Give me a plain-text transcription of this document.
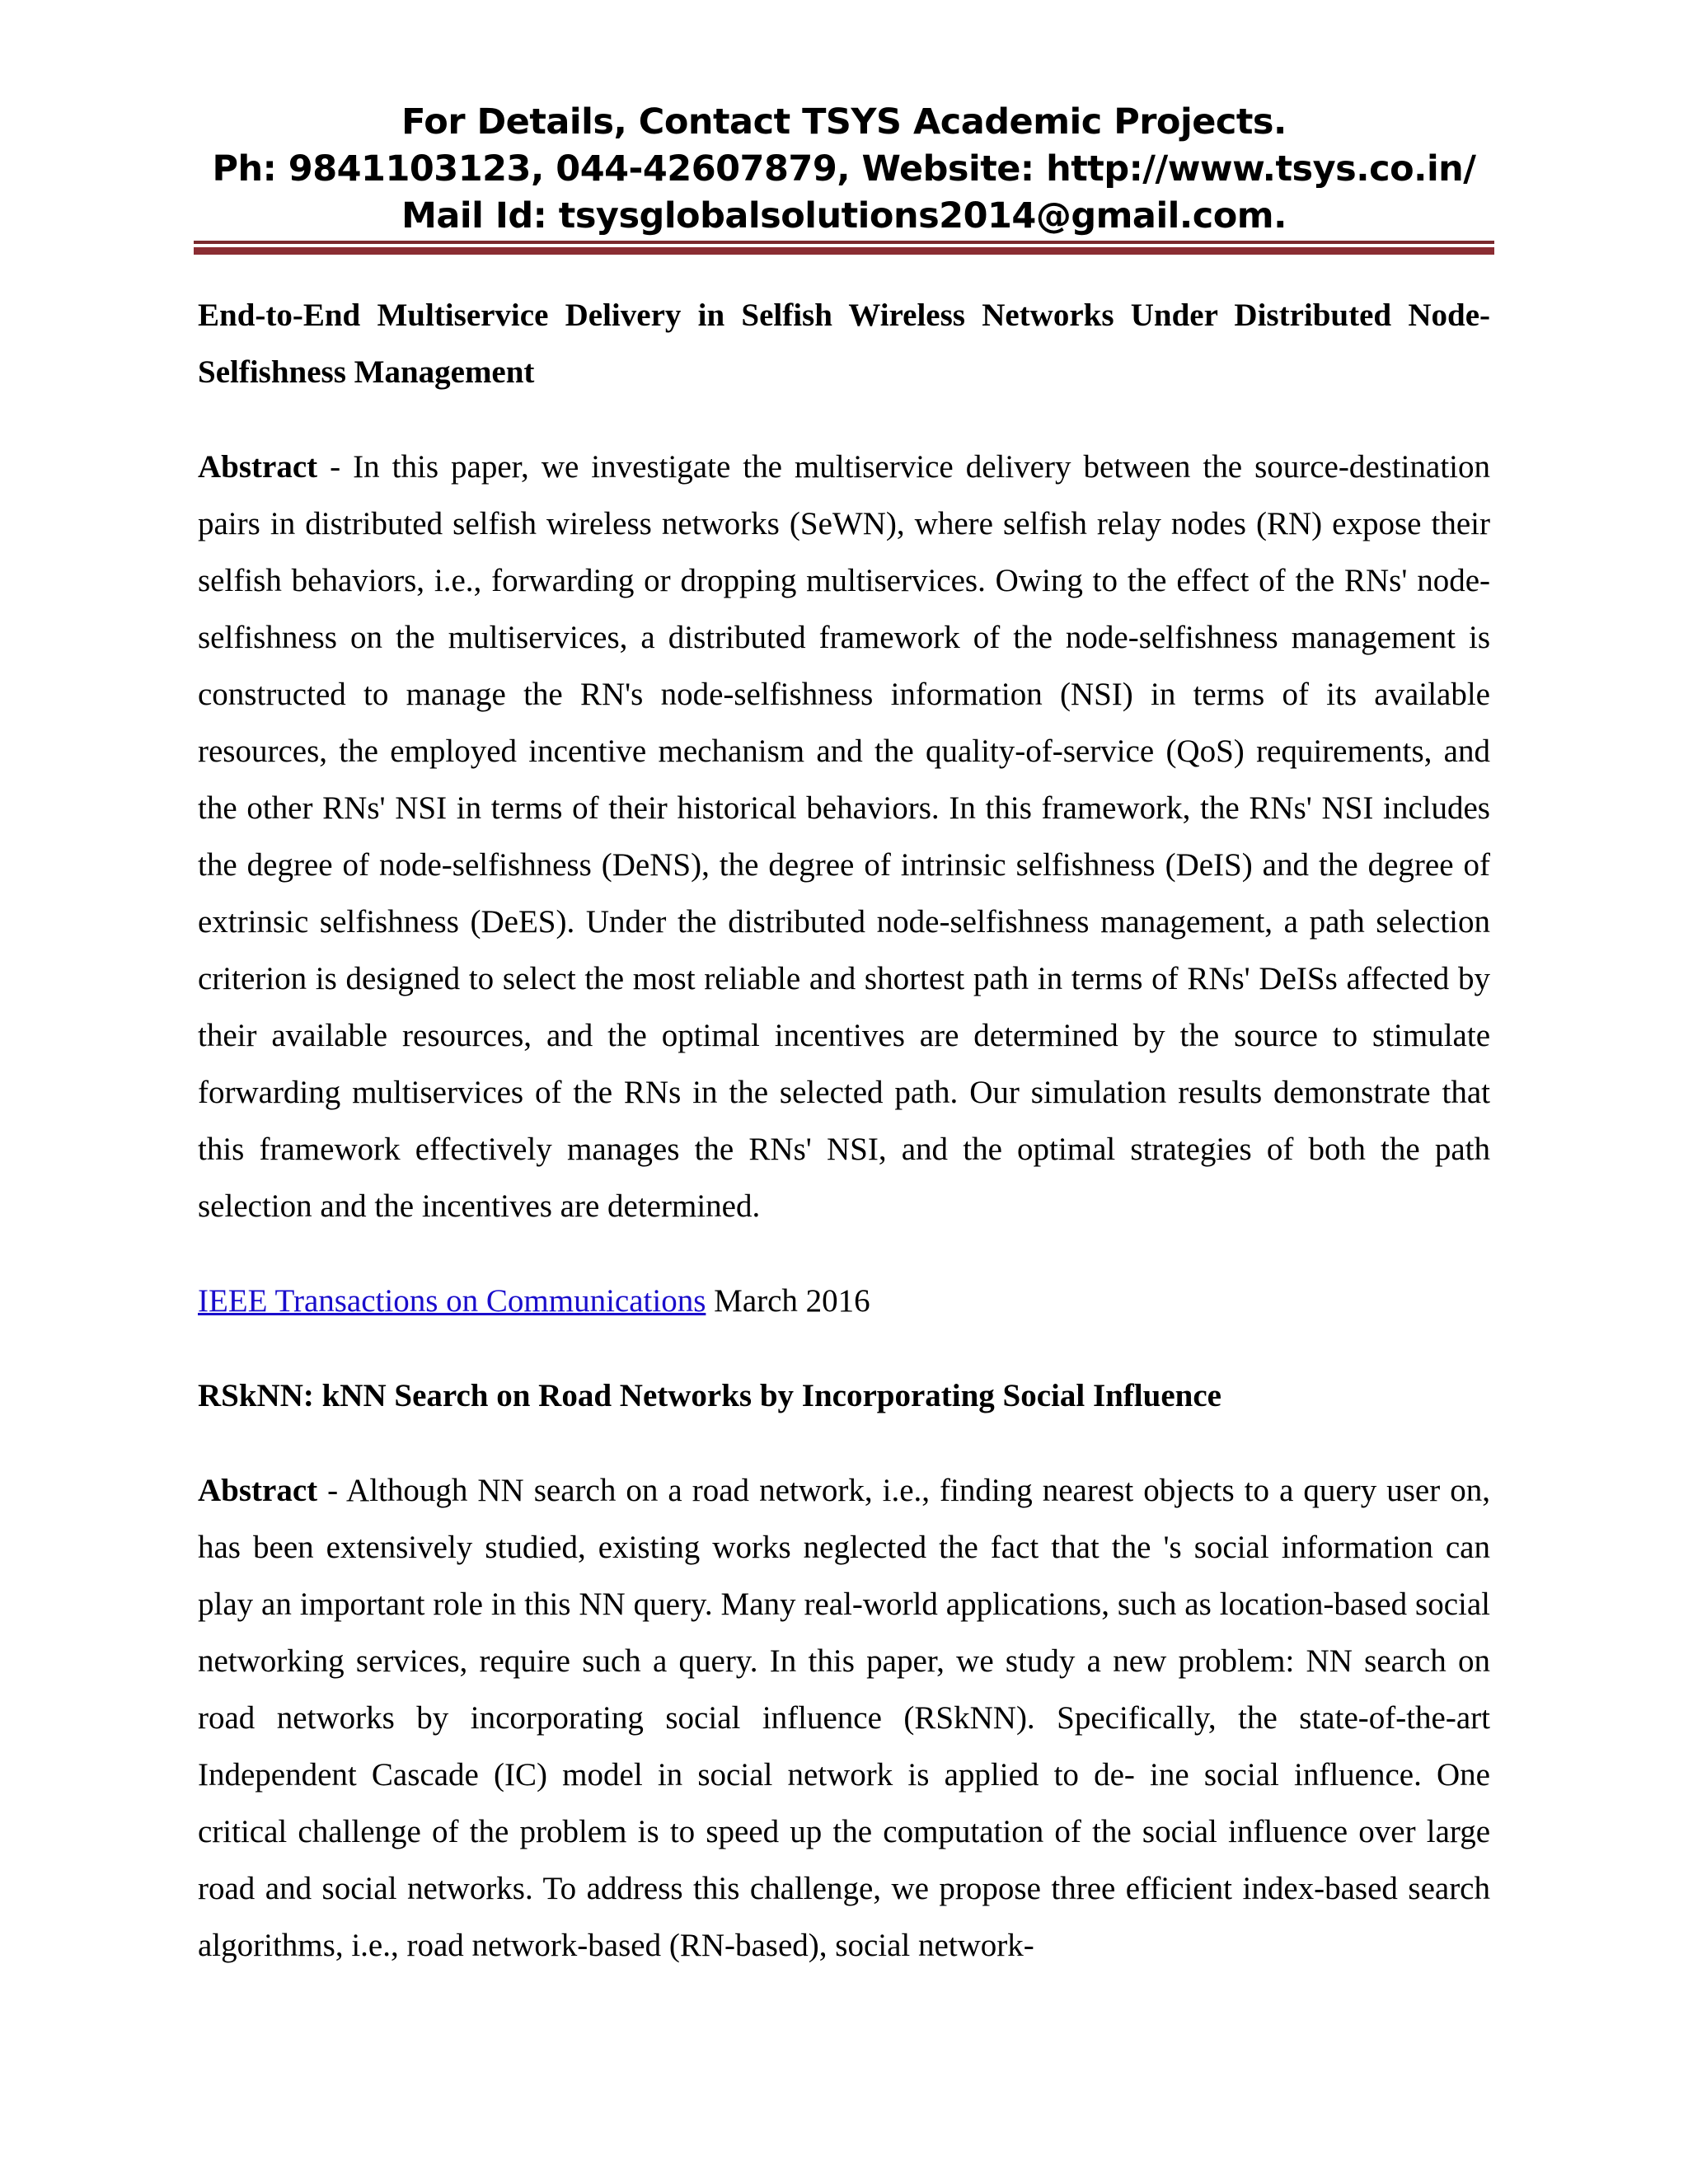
For Details, Contact TSYS Academic Projects.
Ph: 9841103123, 044-42607879, Website: http://www.tsys.co.in/
Mail Id: tsysglobalsolutions2014@gmail.com.

End-to-End Multiservice Delivery in Selfish Wireless Networks Under Distributed Node-Selfishness Management

Abstract - In this paper, we investigate the multiservice delivery between the source-destination pairs in distributed selfish wireless networks (SeWN), where selfish relay nodes (RN) expose their selfish behaviors, i.e., forwarding or dropping multiservices. Owing to the effect of the RNs' node-selfishness on the multiservices, a distributed framework of the node-selfishness management is constructed to manage the RN's node-selfishness information (NSI) in terms of its available resources, the employed incentive mechanism and the quality-of-service (QoS) requirements, and the other RNs' NSI in terms of their historical behaviors. In this framework, the RNs' NSI includes the degree of node-selfishness (DeNS), the degree of intrinsic selfishness (DeIS) and the degree of extrinsic selfishness (DeES). Under the distributed node-selfishness management, a path selection criterion is designed to select the most reliable and shortest path in terms of RNs' DeISs affected by their available resources, and the optimal incentives are determined by the source to stimulate forwarding multiservices of the RNs in the selected path. Our simulation results demonstrate that this framework effectively manages the RNs' NSI, and the optimal strategies of both the path selection and the incentives are determined.

IEEE Transactions on Communications March 2016

RSkNN: kNN Search on Road Networks by Incorporating Social Influence

Abstract - Although NN search on a road network, i.e., finding nearest objects to a query user on, has been extensively studied, existing works neglected the fact that the 's social information can play an important role in this NN query. Many real-world applications, such as location-based social networking services, require such a query. In this paper, we study a new problem: NN search on road networks by incorporating social influence (RSkNN). Specifically, the state-of-the-art Independent Cascade (IC) model in social network is applied to de- ine social influence. One critical challenge of the problem is to speed up the computation of the social influence over large road and social networks. To address this challenge, we propose three efficient index-based search algorithms, i.e., road network-based (RN-based), social network-
